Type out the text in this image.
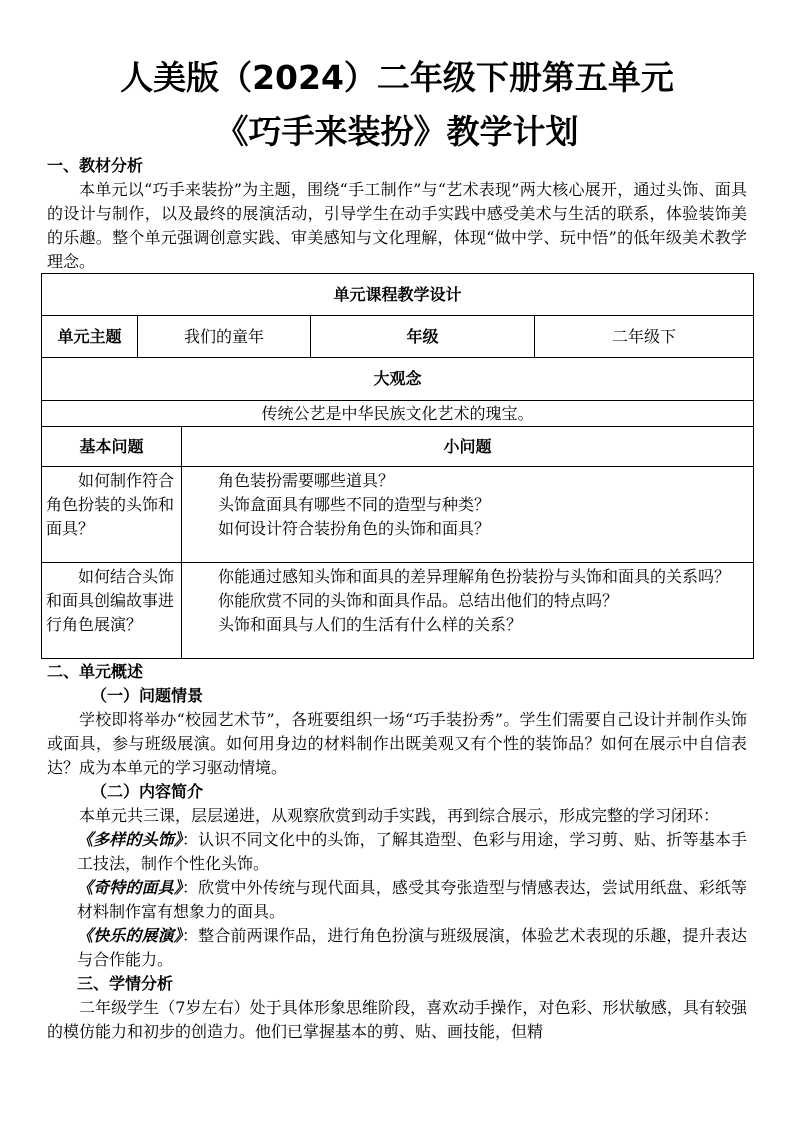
人美版（2024）二年级下册第五单元
《巧手来装扮》教学计划
一、教材分析

本单元以“巧手来装扮”为主题，围绕“手工制作”与“艺术表现”两大核心展开，通过头饰、面具的设计与制作，以及最终的展演活动，引导学生在动手实践中感受美术与生活的联系，体验装饰美的乐趣。整个单元强调创意实践、审美感知与文化理解，体现“做中学、玩中悟”的低年级美术教学理念。

单元课程教学设计				
单元主题	我们的童年		年级	二年级下
大观念				
传统公艺是中华民族文化艺术的瑰宝。				
基本问题		小问题		
如何制作符合角色扮装的头饰和面具？		角色装扮需要哪些道具？
头饰盒面具有哪些不同的造型与种类？
如何设计符合装扮角色的头饰和面具？		

如何结合头饰和面具创编故事进行角色展演？		你能通过感知头饰和面具的差异理解角色扮装扮与头饰和面具的关系吗？
你能欣赏不同的头饰和面具作品。总结出他们的特点吗？
头饰和面具与人们的生活有什么样的关系？		
二、单元概述
（一）问题情景

学校即将举办“校园艺术节”，各班要组织一场“巧手装扮秀”。学生们需要自己设计并制作头饰或面具，参与班级展演。如何用身边的材料制作出既美观又有个性的装饰品？如何在展示中自信表达？成为本单元的学习驱动情境。

（二）内容简介

本单元共三课，层层递进，从观察欣赏到动手实践，再到综合展示，形成完整的学习闭环：

《多样的头饰》：认识不同文化中的头饰，了解其造型、色彩与用途，学习剪、贴、折等基本手工技法，制作个性化头饰。

《奇特的面具》：欣赏中外传统与现代面具，感受其夸张造型与情感表达，尝试用纸盘、彩纸等材料制作富有想象力的面具。

《快乐的展演》：整合前两课作品，进行角色扮演与班级展演，体验艺术表现的乐趣，提升表达与合作能力。

三、学情分析

二年级学生（7岁左右）处于具体形象思维阶段，喜欢动手操作，对色彩、形状敏感，具有较强的模仿能力和初步的创造力。他们已掌握基本的剪、贴、画技能，但精
